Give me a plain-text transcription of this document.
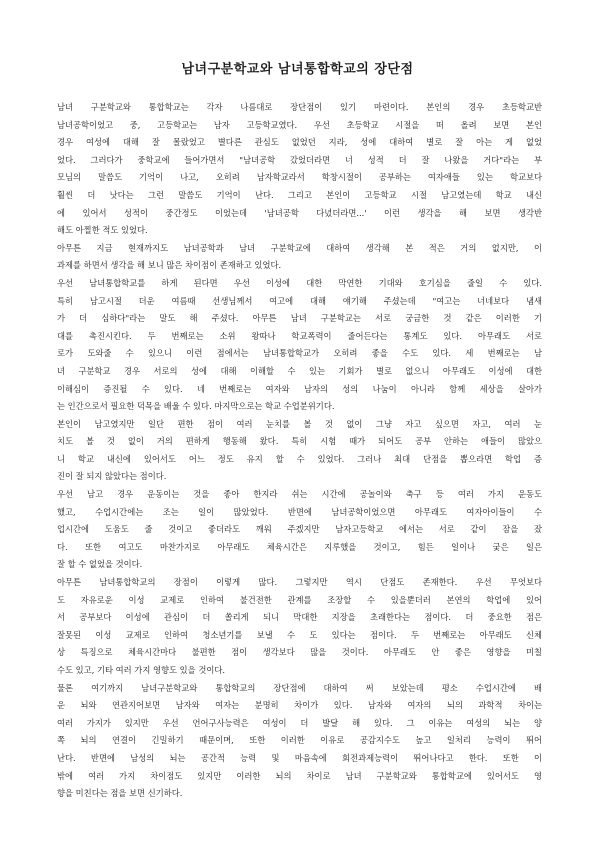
남녀구분학교와 남녀통합학교의 장단점
남녀 구분학교와 통합학교는 각자 나름대로 장단점이 있기 마련이다. 본인의 경우 초등학교반
남녀공학이었고 중, 고등학교는 남자 고등학교였다. 우선 초등학교 시절을 떠 올려 보면 본인
경우 여성에 대해 잘 몰랐었고 별다른 관심도 없었던 지라, 성에 대하여 별로 잘 아는 게 없었
었다. 그러다가 중학교에 들어가면서 "남녀공학 갔었더라면 너 성적 더 잘 나왔을 거다"라는 부
모님의 말씀도 기억이 나고, 오히려 남자학교라서 학창시절이 공부하는 여자애들 있는 학교보다
훨씬 더 낫다는 그런 말씀도 기억이 난다. 그리고 본인이 고등학교 시절 남고였는데 학교 내신
에 있어서 성적이 중간정도 이었는데 '남녀공학 다녔더라면...' 이런 생각을 해 보면 생각반
해도 아찔한 적도 있었다.
아무튼 지금 현재까지도 남녀공학과 남녀 구분학교에 대하여 생각해 본 적은 거의 없지만, 이
과제를 하면서 생각을 해 보니 많은 차이점이 존재하고 있었다.
우선 남녀통합학교를 하게 된다면 우선 이성에 대한 막연한 기대와 호기심을 줄일 수 있다.
특히 남고시절 더운 여름때 선생님께서 여고에 대해 얘기해 주셨는데 "여고는 너네보다 냄새
가 더 심하다"라는 말도 해 주셨다. 아무튼 남녀 구분학교는 서로 궁금한 것 같은 이러한 기
대를 촉진시킨다. 두 번째로는 소위 왕따나 학교폭력이 줄어든다는 통계도 있다. 아무래도 서로
로가 도와줄 수 있으니 이런 점에서는 남녀통합학교가 오히려 좋을 수도 있다. 세 번째로는 남
녀 구분학교 경우 서로의 성에 대해 이해할 수 있는 기회가 별로 없으니 아무래도 이성에 대한
이해심이 증진될 수 있다. 네 번째로는 여자와 남자의 성의 나눔이 아니라 함께 세상을 살아가
는 인간으로서 필요한 덕목을 배울 수 있다. 마지막으로는 학교 수업분위기다.
본인이 남고였지만 일단 편한 점이 여러 눈치를 볼 것 없이 그냥 자고 싶으면 자고, 여러 눈
치도 볼 것 없이 거의 편하게 행동해 왔다. 특히 시험 때가 되어도 공부 안하는 애들이 많았으
니 학교 내신에 있어서도 어느 정도 유지 할 수 있었다. 그러나 최대 단점을 뽑으라면 학업 증
진이 잘 되지 않았다는 점이다.
우선 남고 경우 운동이는 것을 좋아 한지라 쉬는 시간에 공놀이와 축구 등 여러 가지 운동도
했고, 수업시간에는 조는 일이 많았었다. 반면에 남녀공학이었으면 아무래도 여자아이들이 수
업시간에 도움도 줄 것이고 좋더라도 깨워 주겠지만 남자고등학교 에서는 서로 같이 잠을 잤
다. 또한 여고도 마찬가지로 아무래도 체육시간은 지루했을 것이고, 힘든 일이나 궂은 일은
잘 할 수 없었을 것이다.
아무튼 남녀통합학교의 장점이 이렇게 많다. 그렇지만 역시 단점도 존재한다. 우선 무엇보다
도 자유로운 이성 교제로 인하여 불건전한 관계를 조장할 수 있을뿐더러 본연의 학업에 있어
서 공부보다 이성에 관심이 더 쏠리게 되니 막대한 지장을 초래한다는 점이다. 더 중요한 점은
잘못된 이성 교제로 인하여 청소년기를 보낼 수 도 있다는 점이다. 두 번째로는 아무래도 신체
상 특징으로 체육시간마다 불편한 점이 생각보다 많을 것이다. 아무래도 안 좋은 영향을 미칠
수도 있고, 기타 여러 가지 영향도 있을 것이다.
물론 여기까지 남녀구분학교와 통합학교의 장단점에 대하여 써 보았는데 평소 수업시간에 배
운 뇌와 연관지어보면 남자와 여자는 분명히 차이가 있다. 남자와 여자의 뇌의 과학적 차이는
여러 가지가 있지만 우선 언어구사능력은 여성이 더 발달 해 있다. 그 이유는 여성의 뇌는 양
쪽 뇌의 연결이 긴밀하기 때문이며, 또한 이러한 이유로 공감지수도 높고 일처리 능력이 뛰어
난다. 반면에 남성의 뇌는 공간적 능력 및 마음속에 회전과제능력이 뛰어나다고 한다. 또한 이
밖에 여러 가지 차이점도 있지만 이러한 뇌의 차이로 남녀 구분학교와 통합학교에 있어서도 영
향을 미친다는 점을 보면 신기하다.
